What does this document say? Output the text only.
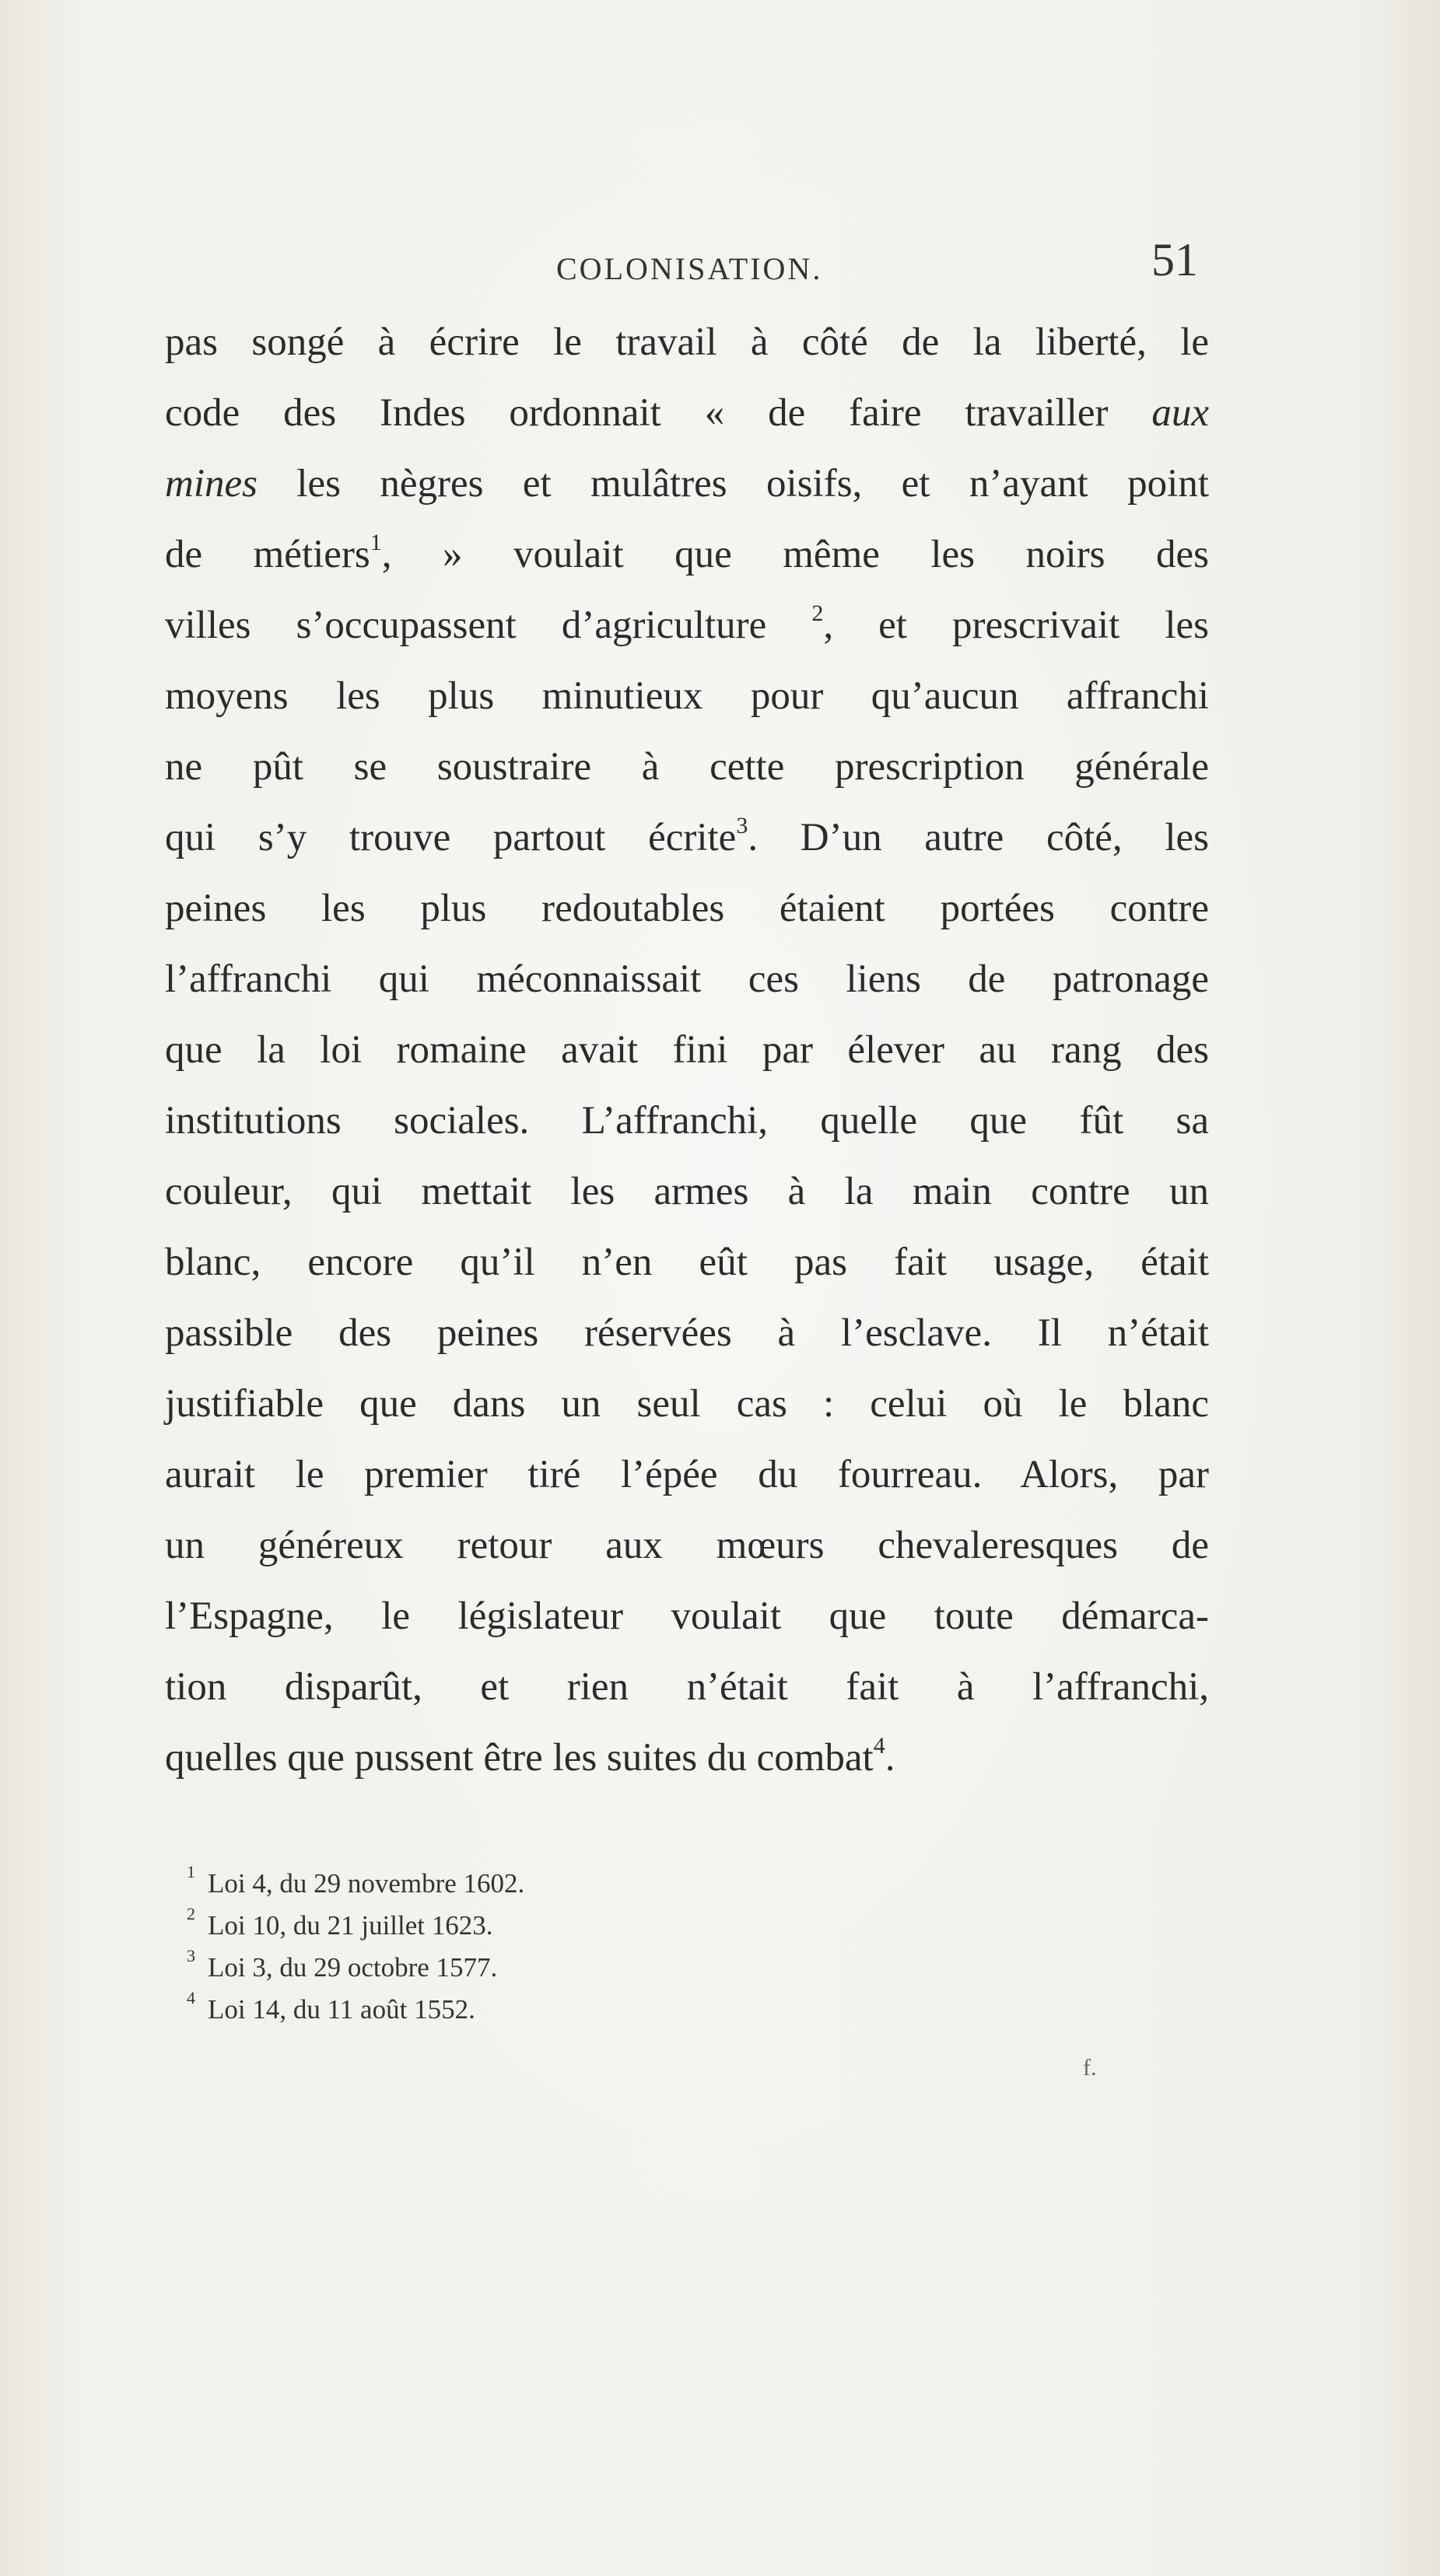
COLONISATION.	51
pas songé à écrire le travail à côté de la liberté, le
code des Indes ordonnait « de faire travailler aux
mines les nègres et mulâtres oisifs, et n’ayant point
de métiers$^1$, » voulait que même les noirs des
villes s’occupassent d’agriculture $^2$, et prescrivait les
moyens les plus minutieux pour qu’aucun affranchi
ne pût se soustraire à cette prescription générale
qui s’y trouve partout écrite$^3$. D’un autre côté, les
peines les plus redoutables étaient portées contre
l’affranchi qui méconnaissait ces liens de patronage
que la loi romaine avait fini par élever au rang des
institutions sociales. L’affranchi, quelle que fût sa
couleur, qui mettait les armes à la main contre un
blanc, encore qu’il n’en eût pas fait usage, était
passible des peines réservées à l’esclave. Il n’était
justifiable que dans un seul cas : celui où le blanc
aurait le premier tiré l’épée du fourreau. Alors, par
un généreux retour aux mœurs chevaleresques de
l’Espagne, le législateur voulait que toute démarca-
tion disparût, et rien n’était fait à l’affranchi,
quelles que pussent être les suites du combat$^4$.
$^1$ Loi 4, du 29 novembre 1602.
$^2$ Loi 10, du 21 juillet 1623.
$^3$ Loi 3, du 29 octobre 1577.
$^4$ Loi 14, du 11 août 1552.
f.
